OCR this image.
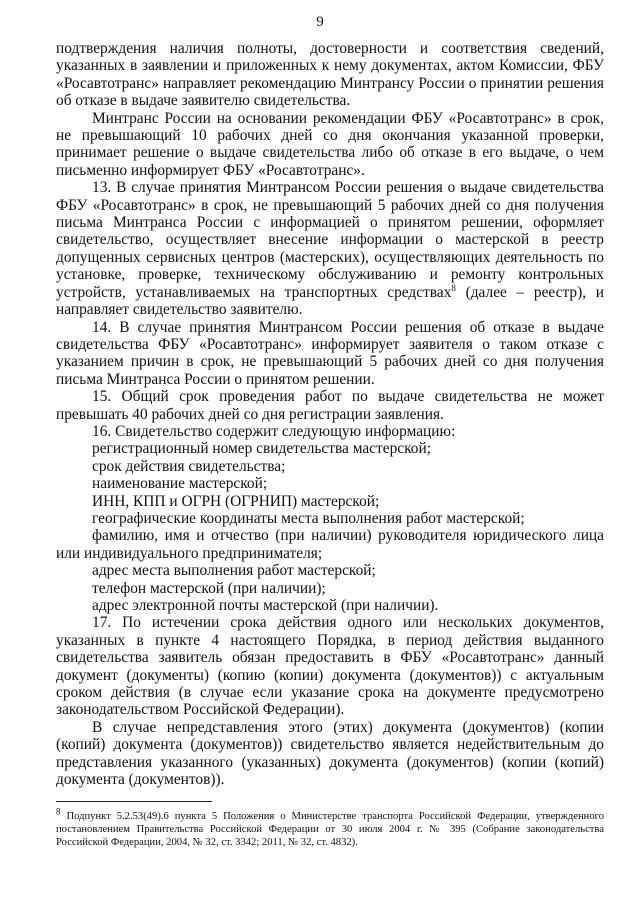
9

подтверждения наличия полноты, достоверности и соответствия сведений, указанных в заявлении и приложенных к нему документах, актом Комиссии, ФБУ «Росавтотранс» направляет рекомендацию Минтрансу России о принятии решения об отказе в выдаче заявителю свидетельства.

Минтранс России на основании рекомендации ФБУ «Росавтотранс» в срок, не превышающий 10 рабочих дней со дня окончания указанной проверки, принимает решение о выдаче свидетельства либо об отказе в его выдаче, о чем письменно информирует ФБУ «Росавтотранс».

13. В случае принятия Минтрансом России решения о выдаче свидетельства ФБУ «Росавтотранс» в срок, не превышающий 5 рабочих дней со дня получения письма Минтранса России с информацией о принятом решении, оформляет свидетельство, осуществляет внесение информации о мастерской в реестр допущенных сервисных центров (мастерских), осуществляющих деятельность по установке, проверке, техническому обслуживанию и ремонту контрольных устройств, устанавливаемых на транспортных средствах$^8$ (далее – реестр), и направляет свидетельство заявителю.

14. В случае принятия Минтрансом России решения об отказе в выдаче свидетельства ФБУ «Росавтотранс» информирует заявителя о таком отказе с указанием причин в срок, не превышающий 5 рабочих дней со дня получения письма Минтранса России о принятом решении.

15. Общий срок проведения работ по выдаче свидетельства не может превышать 40 рабочих дней со дня регистрации заявления.

16. Свидетельство содержит следующую информацию:

регистрационный номер свидетельства мастерской;

срок действия свидетельства;

наименование мастерской;

ИНН, КПП и ОГРН (ОГРНИП) мастерской;

географические координаты места выполнения работ мастерской;

фамилию, имя и отчество (при наличии) руководителя юридического лица или индивидуального предпринимателя;

адрес места выполнения работ мастерской;

телефон мастерской (при наличии);

адрес электронной почты мастерской (при наличии).

17. По истечении срока действия одного или нескольких документов, указанных в пункте 4 настоящего Порядка, в период действия выданного свидетельства заявитель обязан предоставить в ФБУ «Росавтотранс» данный документ (документы) (копию (копии) документа (документов)) с актуальным сроком действия (в случае если указание срока на документе предусмотрено законодательством Российской Федерации).

В случае непредставления этого (этих) документа (документов) (копии (копий) документа (документов)) свидетельство является недействительным до представления указанного (указанных) документа (документов) (копии (копий) документа (документов)).

$^8$ Подпункт 5.2.53(49).6 пункта 5 Положения о Министерстве транспорта Российской Федерации, утвержденного постановлением Правительства Российской Федерации от 30 июля 2004 г. № 395 (Собрание законодательства Российской Федерации, 2004, № 32, ст. 3342; 2011, № 32, ст. 4832).
